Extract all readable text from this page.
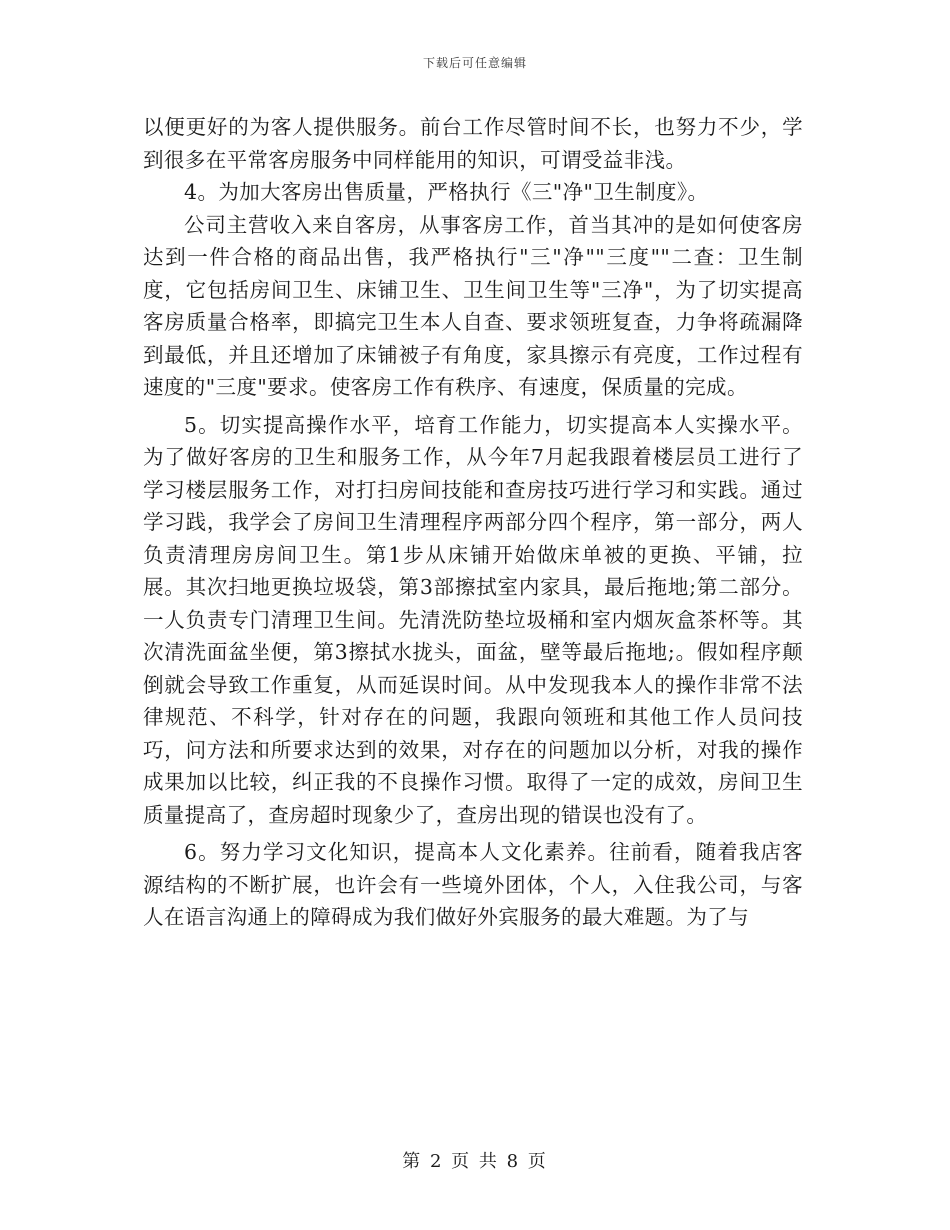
下载后可任意编辑

以便更好的为客人提供服务。前台工作尽管时间不长，也努力不少，学到很多在平常客房服务中同样能用的知识，可谓受益非浅。

4。为加大客房出售质量，严格执行《三"净"卫生制度》。

公司主营收入来自客房，从事客房工作，首当其冲的是如何使客房达到一件合格的商品出售，我严格执行"三"净""三度""二查：卫生制度，它包括房间卫生、床铺卫生、卫生间卫生等"三净"，为了切实提高客房质量合格率，即搞完卫生本人自查、要求领班复查，力争将疏漏降到最低，并且还增加了床铺被子有角度，家具擦示有亮度，工作过程有速度的"三度"要求。使客房工作有秩序、有速度，保质量的完成。

5。切实提高操作水平，培育工作能力，切实提高本人实操水平。为了做好客房的卫生和服务工作，从今年7月起我跟着楼层员工进行了学习楼层服务工作，对打扫房间技能和查房技巧进行学习和实践。通过学习践，我学会了房间卫生清理程序两部分四个程序，第一部分，两人负责清理房房间卫生。第1步从床铺开始做床单被的更换、平铺，拉展。其次扫地更换垃圾袋，第3部擦拭室内家具，最后拖地;第二部分。一人负责专门清理卫生间。先清洗防垫垃圾桶和室内烟灰盒茶杯等。其次清洗面盆坐便，第3擦拭水拢头，面盆，壁等最后拖地;。假如程序颠倒就会导致工作重复，从而延误时间。从中发现我本人的操作非常不法律规范、不科学，针对存在的问题，我跟向领班和其他工作人员问技巧，问方法和所要求达到的效果，对存在的问题加以分析，对我的操作成果加以比较，纠正我的不良操作习惯。取得了一定的成效，房间卫生质量提高了，查房超时现象少了，查房出现的错误也没有了。

6。努力学习文化知识，提高本人文化素养。往前看，随着我店客源结构的不断扩展，也许会有一些境外团体，个人，入住我公司，与客人在语言沟通上的障碍成为我们做好外宾服务的最大难题。为了与

第 2 页 共 8 页
